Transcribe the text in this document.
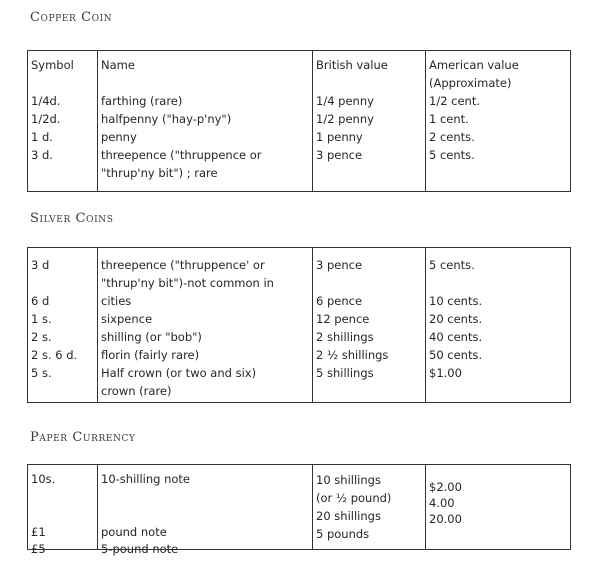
Copper Coin
Symbol Name	British value	American value
(Approximate)

1/4d.
1/2d.
1 d.
3 d.

farthing (rare)
halfpenny ("hay-p'ny")
penny
threepence ("thruppence or
"thrup'ny bit") ; rare

1/4 penny
1/2 penny
1 penny
3 pence

1/2 cent.
1 cent.
2 cents.
5 cents.
Silver Coins
3 d

6 d
1 s.
2 s.
2 s. 6 d.
5 s.
threepence ("thruppence' or
"thrup'ny bit")-not common in
cities
sixpence
shilling (or "bob")
florin (fairly rare)
Half crown (or two and six)
crown (rare)
3 pence

6 pence
12 pence
2 shillings
2 ½ shillings
5 shillings
5 cents.

10 cents.
20 cents.
40 cents.
50 cents.
$1.00
Paper Currency
10s.

£1
£5
10-shilling note

pound note
5-pound note
10 shillings
(or ½ pound)
20 shillings
5 pounds
$2.00
4.00
20.00
